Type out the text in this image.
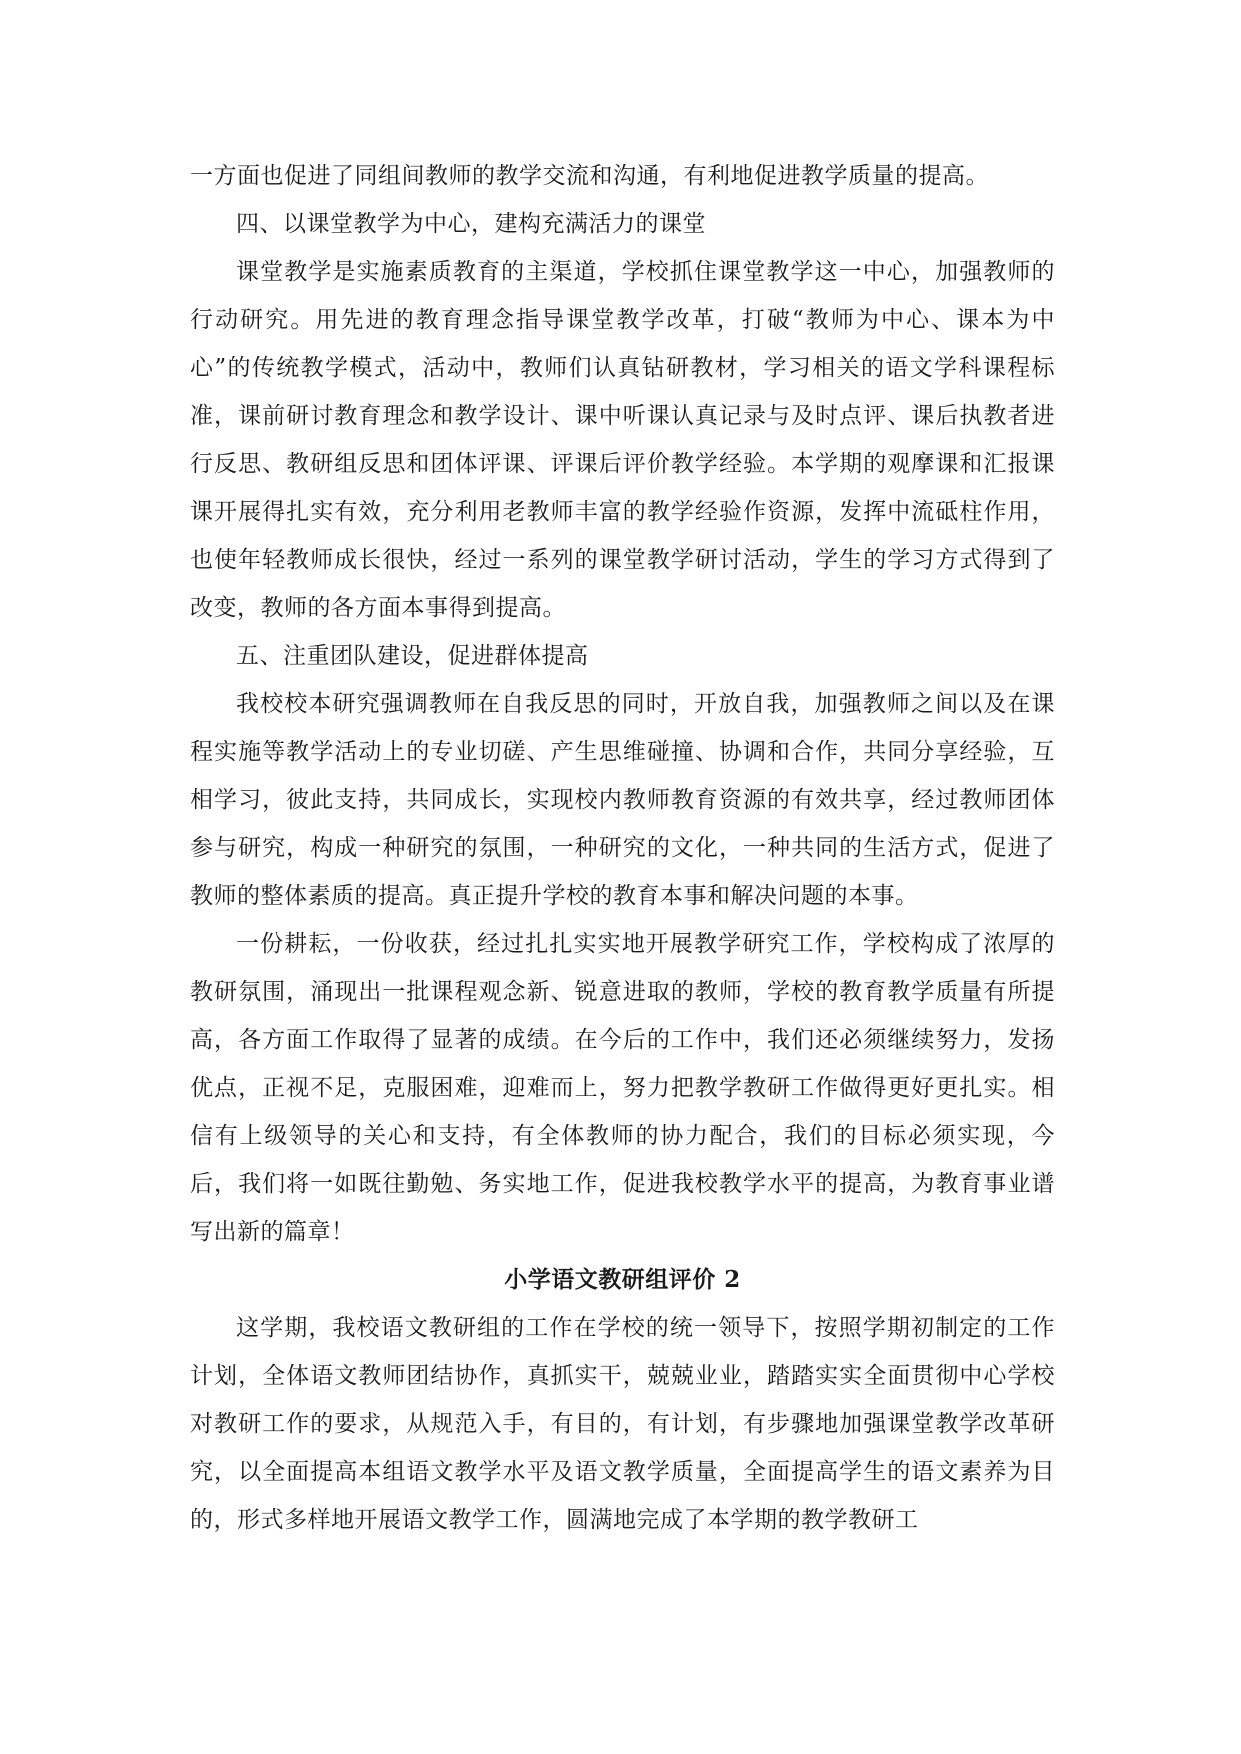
一方面也促进了同组间教师的教学交流和沟通，有利地促进教学质量的提高。

四、以课堂教学为中心，建构充满活力的课堂

课堂教学是实施素质教育的主渠道，学校抓住课堂教学这一中心，加强教师的行动研究。用先进的教育理念指导课堂教学改革，打破“教师为中心、课本为中心”的传统教学模式，活动中，教师们认真钻研教材，学习相关的语文学科课程标准，课前研讨教育理念和教学设计、课中听课认真记录与及时点评、课后执教者进行反思、教研组反思和团体评课、评课后评价教学经验。本学期的观摩课和汇报课课开展得扎实有效，充分利用老教师丰富的教学经验作资源，发挥中流砥柱作用，也使年轻教师成长很快，经过一系列的课堂教学研讨活动，学生的学习方式得到了改变，教师的各方面本事得到提高。

五、注重团队建设，促进群体提高

我校校本研究强调教师在自我反思的同时，开放自我，加强教师之间以及在课程实施等教学活动上的专业切磋、产生思维碰撞、协调和合作，共同分享经验，互相学习，彼此支持，共同成长，实现校内教师教育资源的有效共享，经过教师团体参与研究，构成一种研究的氛围，一种研究的文化，一种共同的生活方式，促进了教师的整体素质的提高。真正提升学校的教育本事和解决问题的本事。

一份耕耘，一份收获，经过扎扎实实地开展教学研究工作，学校构成了浓厚的教研氛围，涌现出一批课程观念新、锐意进取的教师，学校的教育教学质量有所提高，各方面工作取得了显著的成绩。在今后的工作中，我们还必须继续努力，发扬优点，正视不足，克服困难，迎难而上，努力把教学教研工作做得更好更扎实。相信有上级领导的关心和支持，有全体教师的协力配合，我们的目标必须实现，今后，我们将一如既往勤勉、务实地工作，促进我校教学水平的提高，为教育事业谱写出新的篇章！

小学语文教研组评价 2

这学期，我校语文教研组的工作在学校的统一领导下，按照学期初制定的工作计划，全体语文教师团结协作，真抓实干，兢兢业业，踏踏实实全面贯彻中心学校对教研工作的要求，从规范入手，有目的，有计划，有步骤地加强课堂教学改革研究，以全面提高本组语文教学水平及语文教学质量，全面提高学生的语文素养为目的，形式多样地开展语文教学工作，圆满地完成了本学期的教学教研工
